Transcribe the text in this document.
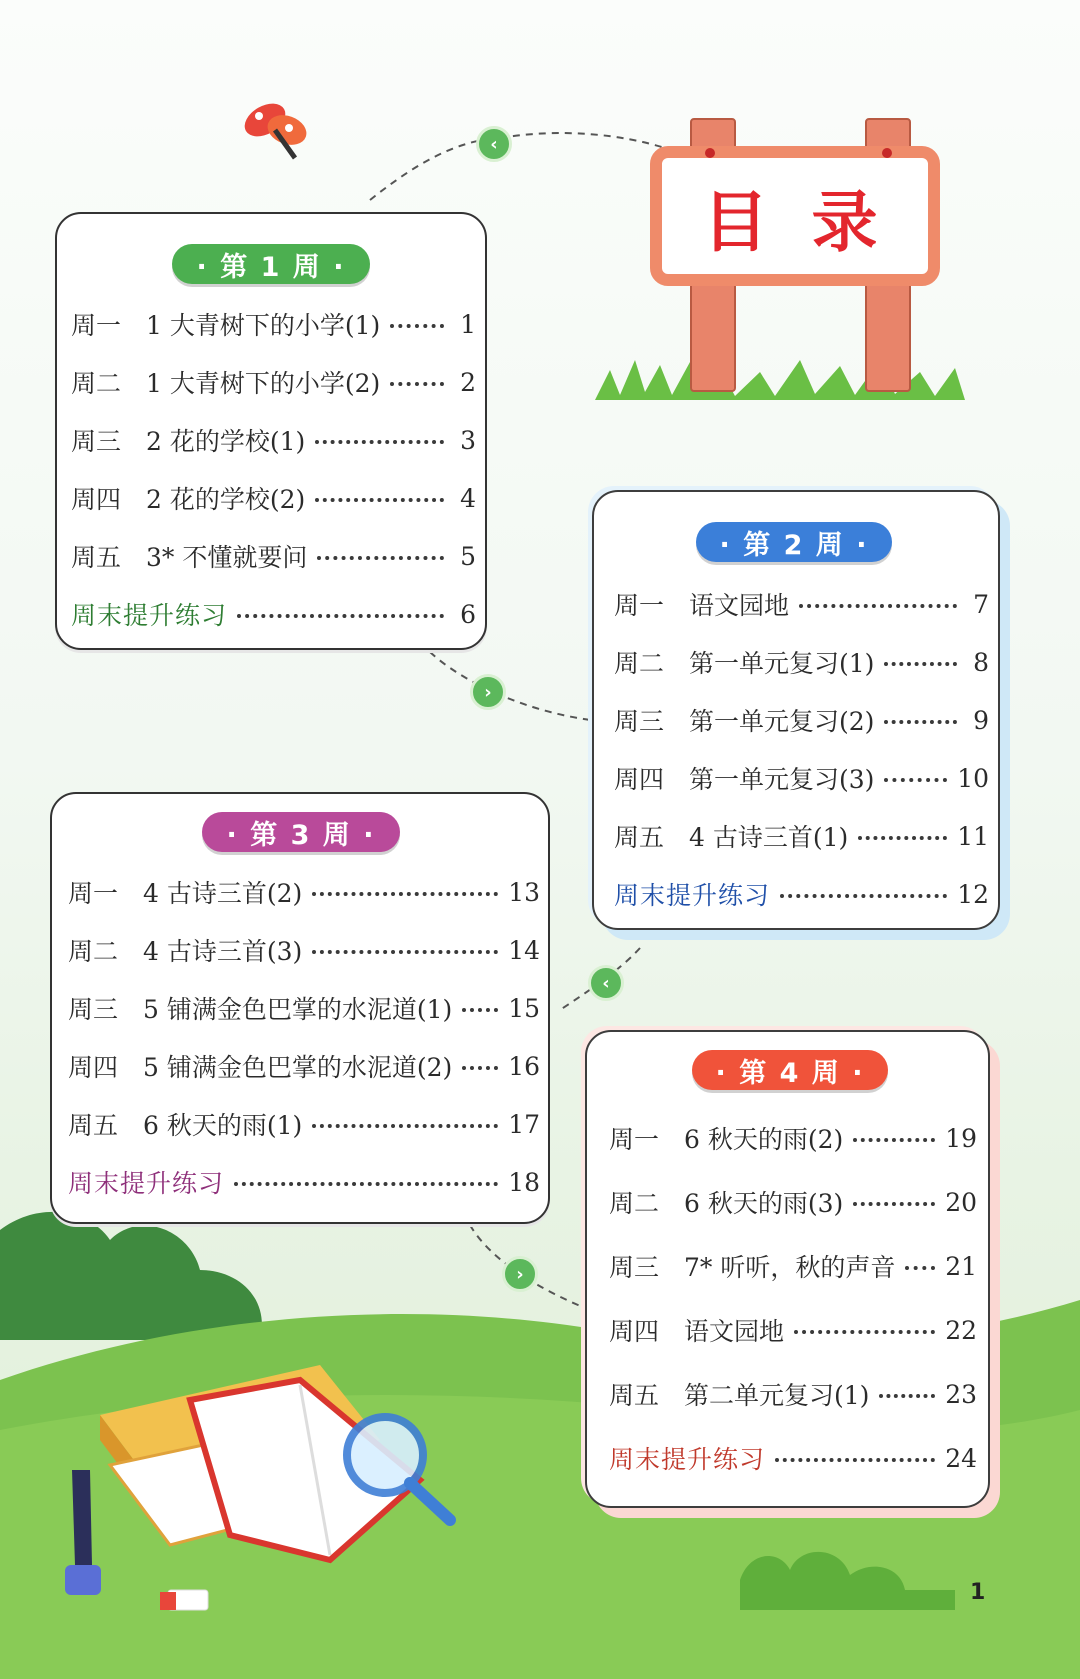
目 录
‹
›
‹
›
· 第 1 周 ·
周一 1 大青树下的小学(1)	1
周二 1 大青树下的小学(2)	2
周三 2 花的学校(1)	3
周四 2 花的学校(2)	4
周五 3* 不懂就要问	5
周末提升练习	6
· 第 2 周 ·
周一 语文园地	7
周二 第一单元复习(1)	8
周三 第一单元复习(2)	9
周四 第一单元复习(3)	10
周五 4 古诗三首(1)	11
周末提升练习	12
· 第 3 周 ·
周一 4 古诗三首(2)	13
周二 4 古诗三首(3)	14
周三 5 铺满金色巴掌的水泥道(1) 15
周四 5 铺满金色巴掌的水泥道(2) 16
周五 6 秋天的雨(1)	17
周末提升练习	18
· 第 4 周 ·
周一 6 秋天的雨(2)	19
周二 6 秋天的雨(3)	20
周三 7* 听听，秋的声音 21
周四 语文园地	22
周五 第二单元复习(1)	23
周末提升练习	24
1
